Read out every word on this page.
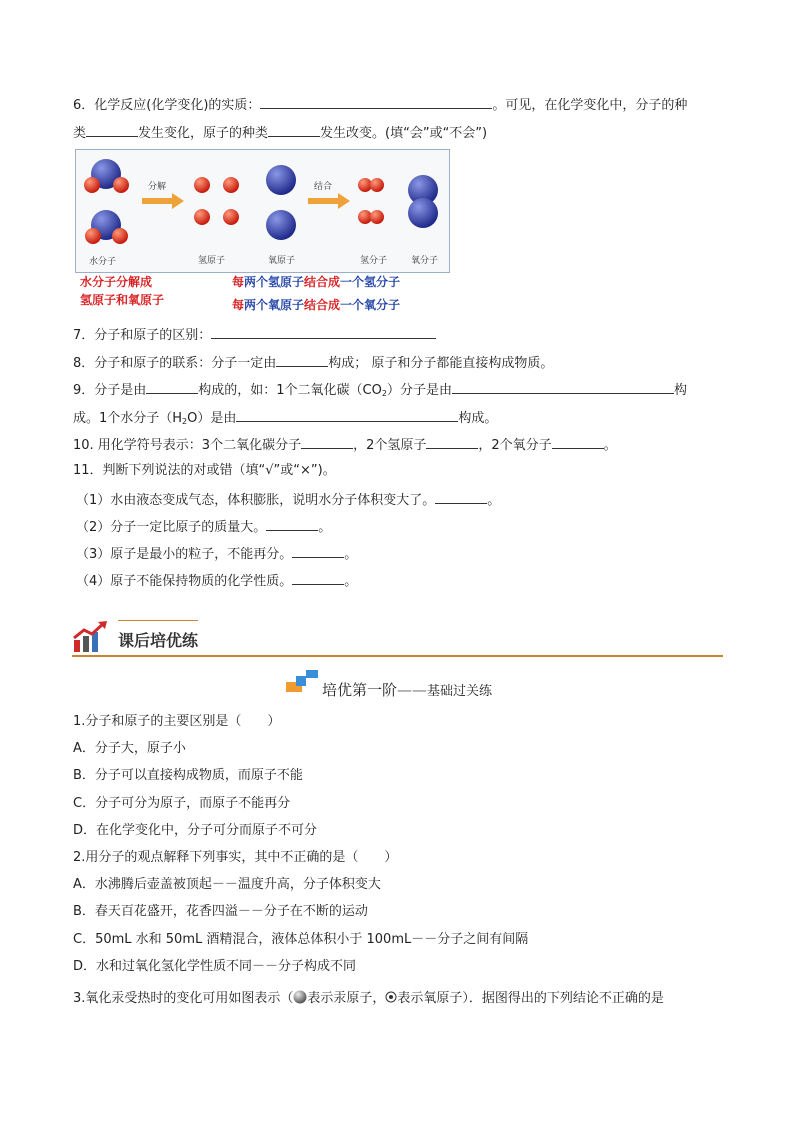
6．化学反应(化学变化)的实质：	。可见，在化学变化中，分子的种
类	发生变化，原子的种类	发生改变。(填“会”或“不会”)
水分子
分解
氢原子	氧原子
结合
氢分子	氧分子
水分子分解成
氢原子和氧原子
每两个氢原子结合成一个氢分子
每两个氧原子结合成一个氧分子
7．分子和原子的区别：
8．分子和原子的联系：分子一定由	构成； 原子和分子都能直接构成物质。
9．分子是由	构成的，如：1个二氧化碳$(CO_2)$分子是由	构
成。1个水分子$(H_2O)$是由	构成。
10. 用化学符号表示：3个二氧化碳分子	，2个氢原子	，2个氧分子	。
11．判断下列说法的对或错（填“√”或“×”)。
（1）水由液态变成气态，体积膨胀，说明水分子体积变大了。	。
（2）分子一定比原子的质量大。	。
（3）原子是最小的粒子，不能再分。	。
（4）原子不能保持物质的化学性质。	。
课后培优练
培优第一阶——基础过关练
1.分子和原子的主要区别是（　　）
A．分子大，原子小
B．分子可以直接构成物质，而原子不能
C．分子可分为原子，而原子不能再分
D．在化学变化中，分子可分而原子不可分
2.用分子的观点解释下列事实，其中不正确的是（　　）
A．水沸腾后壶盖被顶起－－温度升高，分子体积变大
B．春天百花盛开，花香四溢－－分子在不断的运动
C．50mL 水和 50mL 酒精混合，液体总体积小于 100mL－－分子之间有间隔
D．水和过氧化氢化学性质不同－－分子构成不同
3.氧化汞受热时的变化可用如图表示（ 表示汞原子， 表示氧原子）．据图得出的下列结论不正确的是
